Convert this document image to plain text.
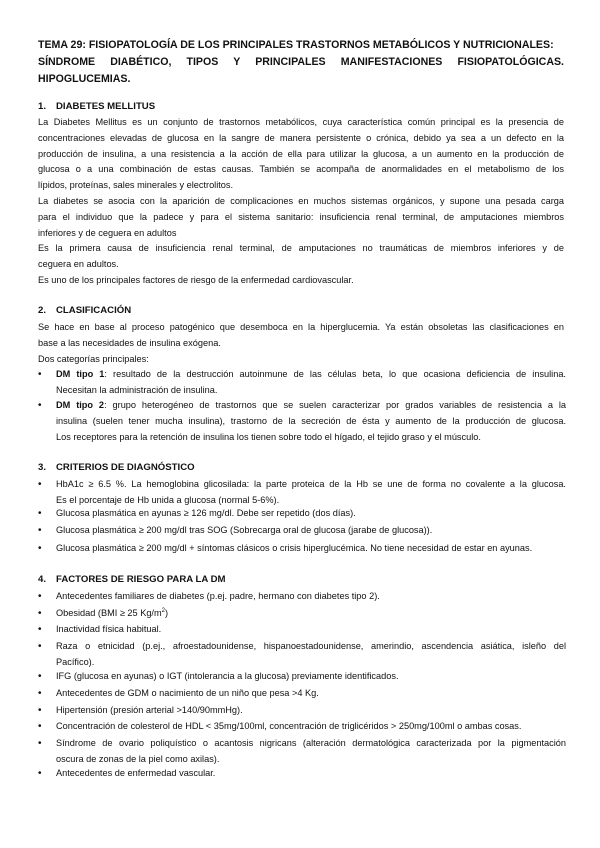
TEMA 29: FISIOPATOLOGÍA DE LOS PRINCIPALES TRASTORNOS METABÓLICOS Y NUTRICIONALES:
SÍNDROME DIABÉTICO, TIPOS Y PRINCIPALES MANIFESTACIONES FISIOPATOLÓGICAS.
HIPOGLUCEMIAS.
1. DIABETES MELLITUS
La Diabetes Mellitus es un conjunto de trastornos metabólicos, cuya característica común principal es la presencia de
concentraciones elevadas de glucosa en la sangre de manera persistente o crónica, debido ya sea a un defecto en la
producción de insulina, a una resistencia a la acción de ella para utilizar la glucosa, a un aumento en la producción de
glucosa o a una combinación de estas causas. También se acompaña de anormalidades en el metabolismo de los
lípidos, proteínas, sales minerales y electrolitos.
La diabetes se asocia con la aparición de complicaciones en muchos sistemas orgánicos, y supone una pesada carga
para el individuo que la padece y para el sistema sanitario: insuficiencia renal terminal, de amputaciones miembros
inferiores y de ceguera en adultos
Es la primera causa de insuficiencia renal terminal, de amputaciones no traumáticas de miembros inferiores y de
ceguera en adultos.
Es uno de los principales factores de riesgo de la enfermedad cardiovascular.
2. CLASIFICACIÓN
Se hace en base al proceso patogénico que desemboca en la hiperglucemia. Ya están obsoletas las clasificaciones en
base a las necesidades de insulina exógena.
Dos categorías principales:
•	DM tipo 1: resultado de la destrucción autoinmune de las células beta, lo que ocasiona deficiencia de insulina.
Necesitan la administración de insulina.
•	DM tipo 2: grupo heterogéneo de trastornos que se suelen caracterizar por grados variables de resistencia a la
insulina (suelen tener mucha insulina), trastorno de la secreción de ésta y aumento de la producción de glucosa.
Los receptores para la retención de insulina los tienen sobre todo el hígado, el tejido graso y el músculo.
3. CRITERIOS DE DIAGNÓSTICO
•	HbA1c ≥ 6.5 %. La hemoglobina glicosilada: la parte proteica de la Hb se une de forma no covalente a la glucosa.
Es el porcentaje de Hb unida a glucosa (normal 5-6%).
•	Glucosa plasmática en ayunas ≥ 126 mg/dl. Debe ser repetido (dos días).
•	Glucosa plasmática ≥ 200 mg/dl tras SOG (Sobrecarga oral de glucosa (jarabe de glucosa)).
•	Glucosa plasmática ≥ 200 mg/dl + síntomas clásicos o crisis hiperglucémica. No tiene necesidad de estar en ayunas.
4. FACTORES DE RIESGO PARA LA DM
•	Antecedentes familiares de diabetes (p.ej. padre, hermano con diabetes tipo 2).
•	Obesidad (BMI ≥ 25 $Kg/m^2$)
•	Inactividad física habitual.
•	Raza o etnicidad (p.ej., afroestadounidense, hispanoestadounidense, amerindio, ascendencia asiática, isleño del
Pacífico).
•	IFG (glucosa en ayunas) o IGT (intolerancia a la glucosa) previamente identificados.
•	Antecedentes de GDM o nacimiento de un niño que pesa >4 Kg.
•	Hipertensión (presión arterial >140/90mmHg).
•	Concentración de colesterol de HDL < 35mg/100ml, concentración de triglicéridos > 250mg/100ml o ambas cosas.
•	Síndrome de ovario poliquístico o acantosis nigricans (alteración dermatológica caracterizada por la pigmentación
oscura de zonas de la piel como axilas).
•	Antecedentes de enfermedad vascular.
